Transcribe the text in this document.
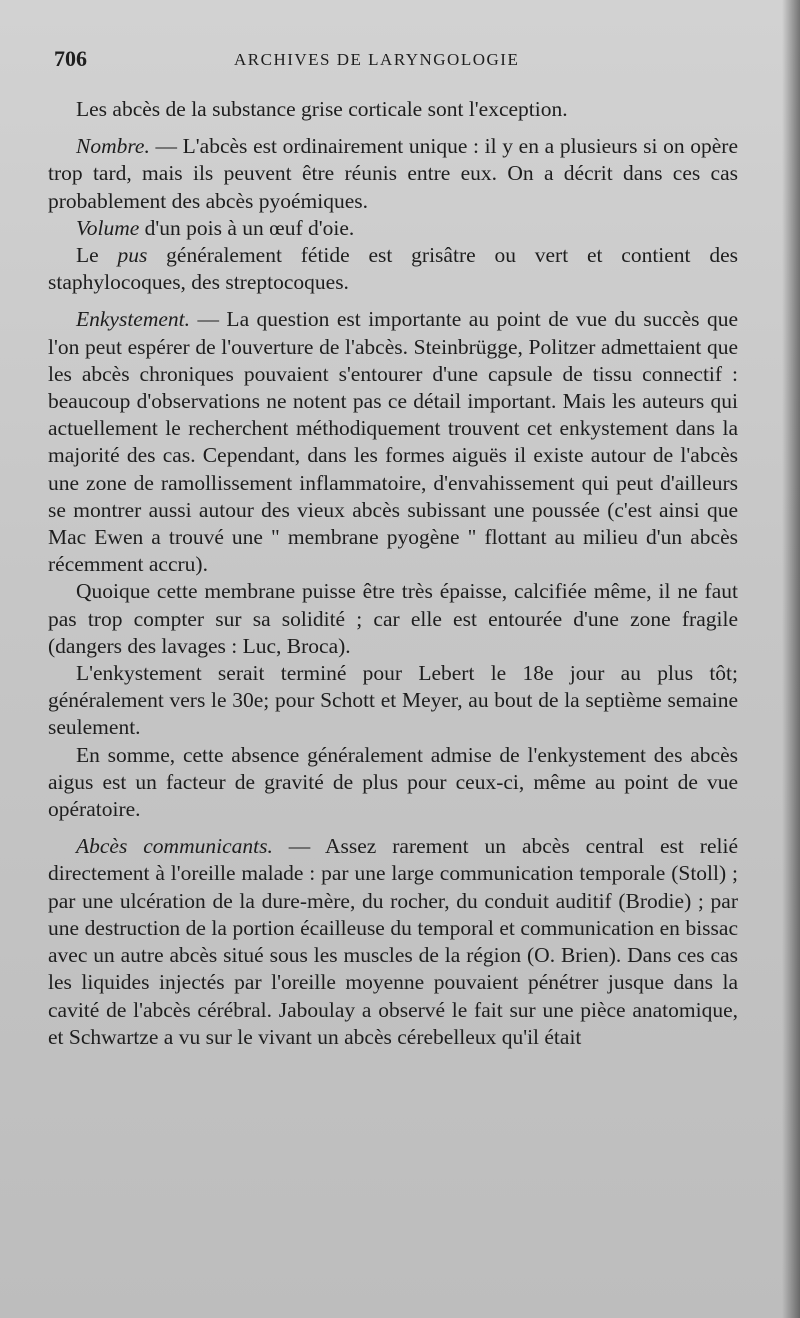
706	ARCHIVES DE LARYNGOLOGIE

Les abcès de la substance grise corticale sont l'exception.

Nombre. — L'abcès est ordinairement unique : il y en a plusieurs si on opère trop tard, mais ils peuvent être réunis entre eux. On a décrit dans ces cas probablement des abcès pyoémiques.

Volume d'un pois à un œuf d'oie.

Le pus généralement fétide est grisâtre ou vert et contient des staphylocoques, des streptocoques.

Enkystement. — La question est importante au point de vue du succès que l'on peut espérer de l'ouverture de l'abcès. Steinbrügge, Politzer admettaient que les abcès chroniques pouvaient s'entourer d'une capsule de tissu connectif : beaucoup d'observations ne notent pas ce détail important. Mais les auteurs qui actuellement le recherchent méthodiquement trouvent cet enkystement dans la majorité des cas. Cependant, dans les formes aiguës il existe autour de l'abcès une zone de ramollissement inflammatoire, d'envahissement qui peut d'ailleurs se montrer aussi autour des vieux abcès subissant une poussée (c'est ainsi que Mac Ewen a trouvé une " membrane pyogène " flottant au milieu d'un abcès récemment accru).

Quoique cette membrane puisse être très épaisse, calcifiée même, il ne faut pas trop compter sur sa solidité ; car elle est entourée d'une zone fragile (dangers des lavages : Luc, Broca).

L'enkystement serait terminé pour Lebert le 18e jour au plus tôt; généralement vers le 30e; pour Schott et Meyer, au bout de la septième semaine seulement.

En somme, cette absence généralement admise de l'enkystement des abcès aigus est un facteur de gravité de plus pour ceux-ci, même au point de vue opératoire.

Abcès communicants. — Assez rarement un abcès central est relié directement à l'oreille malade : par une large communication temporale (Stoll) ; par une ulcération de la dure-mère, du rocher, du conduit auditif (Brodie) ; par une destruction de la portion écailleuse du temporal et communication en bissac avec un autre abcès situé sous les muscles de la région (O. Brien). Dans ces cas les liquides injectés par l'oreille moyenne pouvaient pénétrer jusque dans la cavité de l'abcès cérébral. Jaboulay a observé le fait sur une pièce anatomique, et Schwartze a vu sur le vivant un abcès cérebelleux qu'il était
